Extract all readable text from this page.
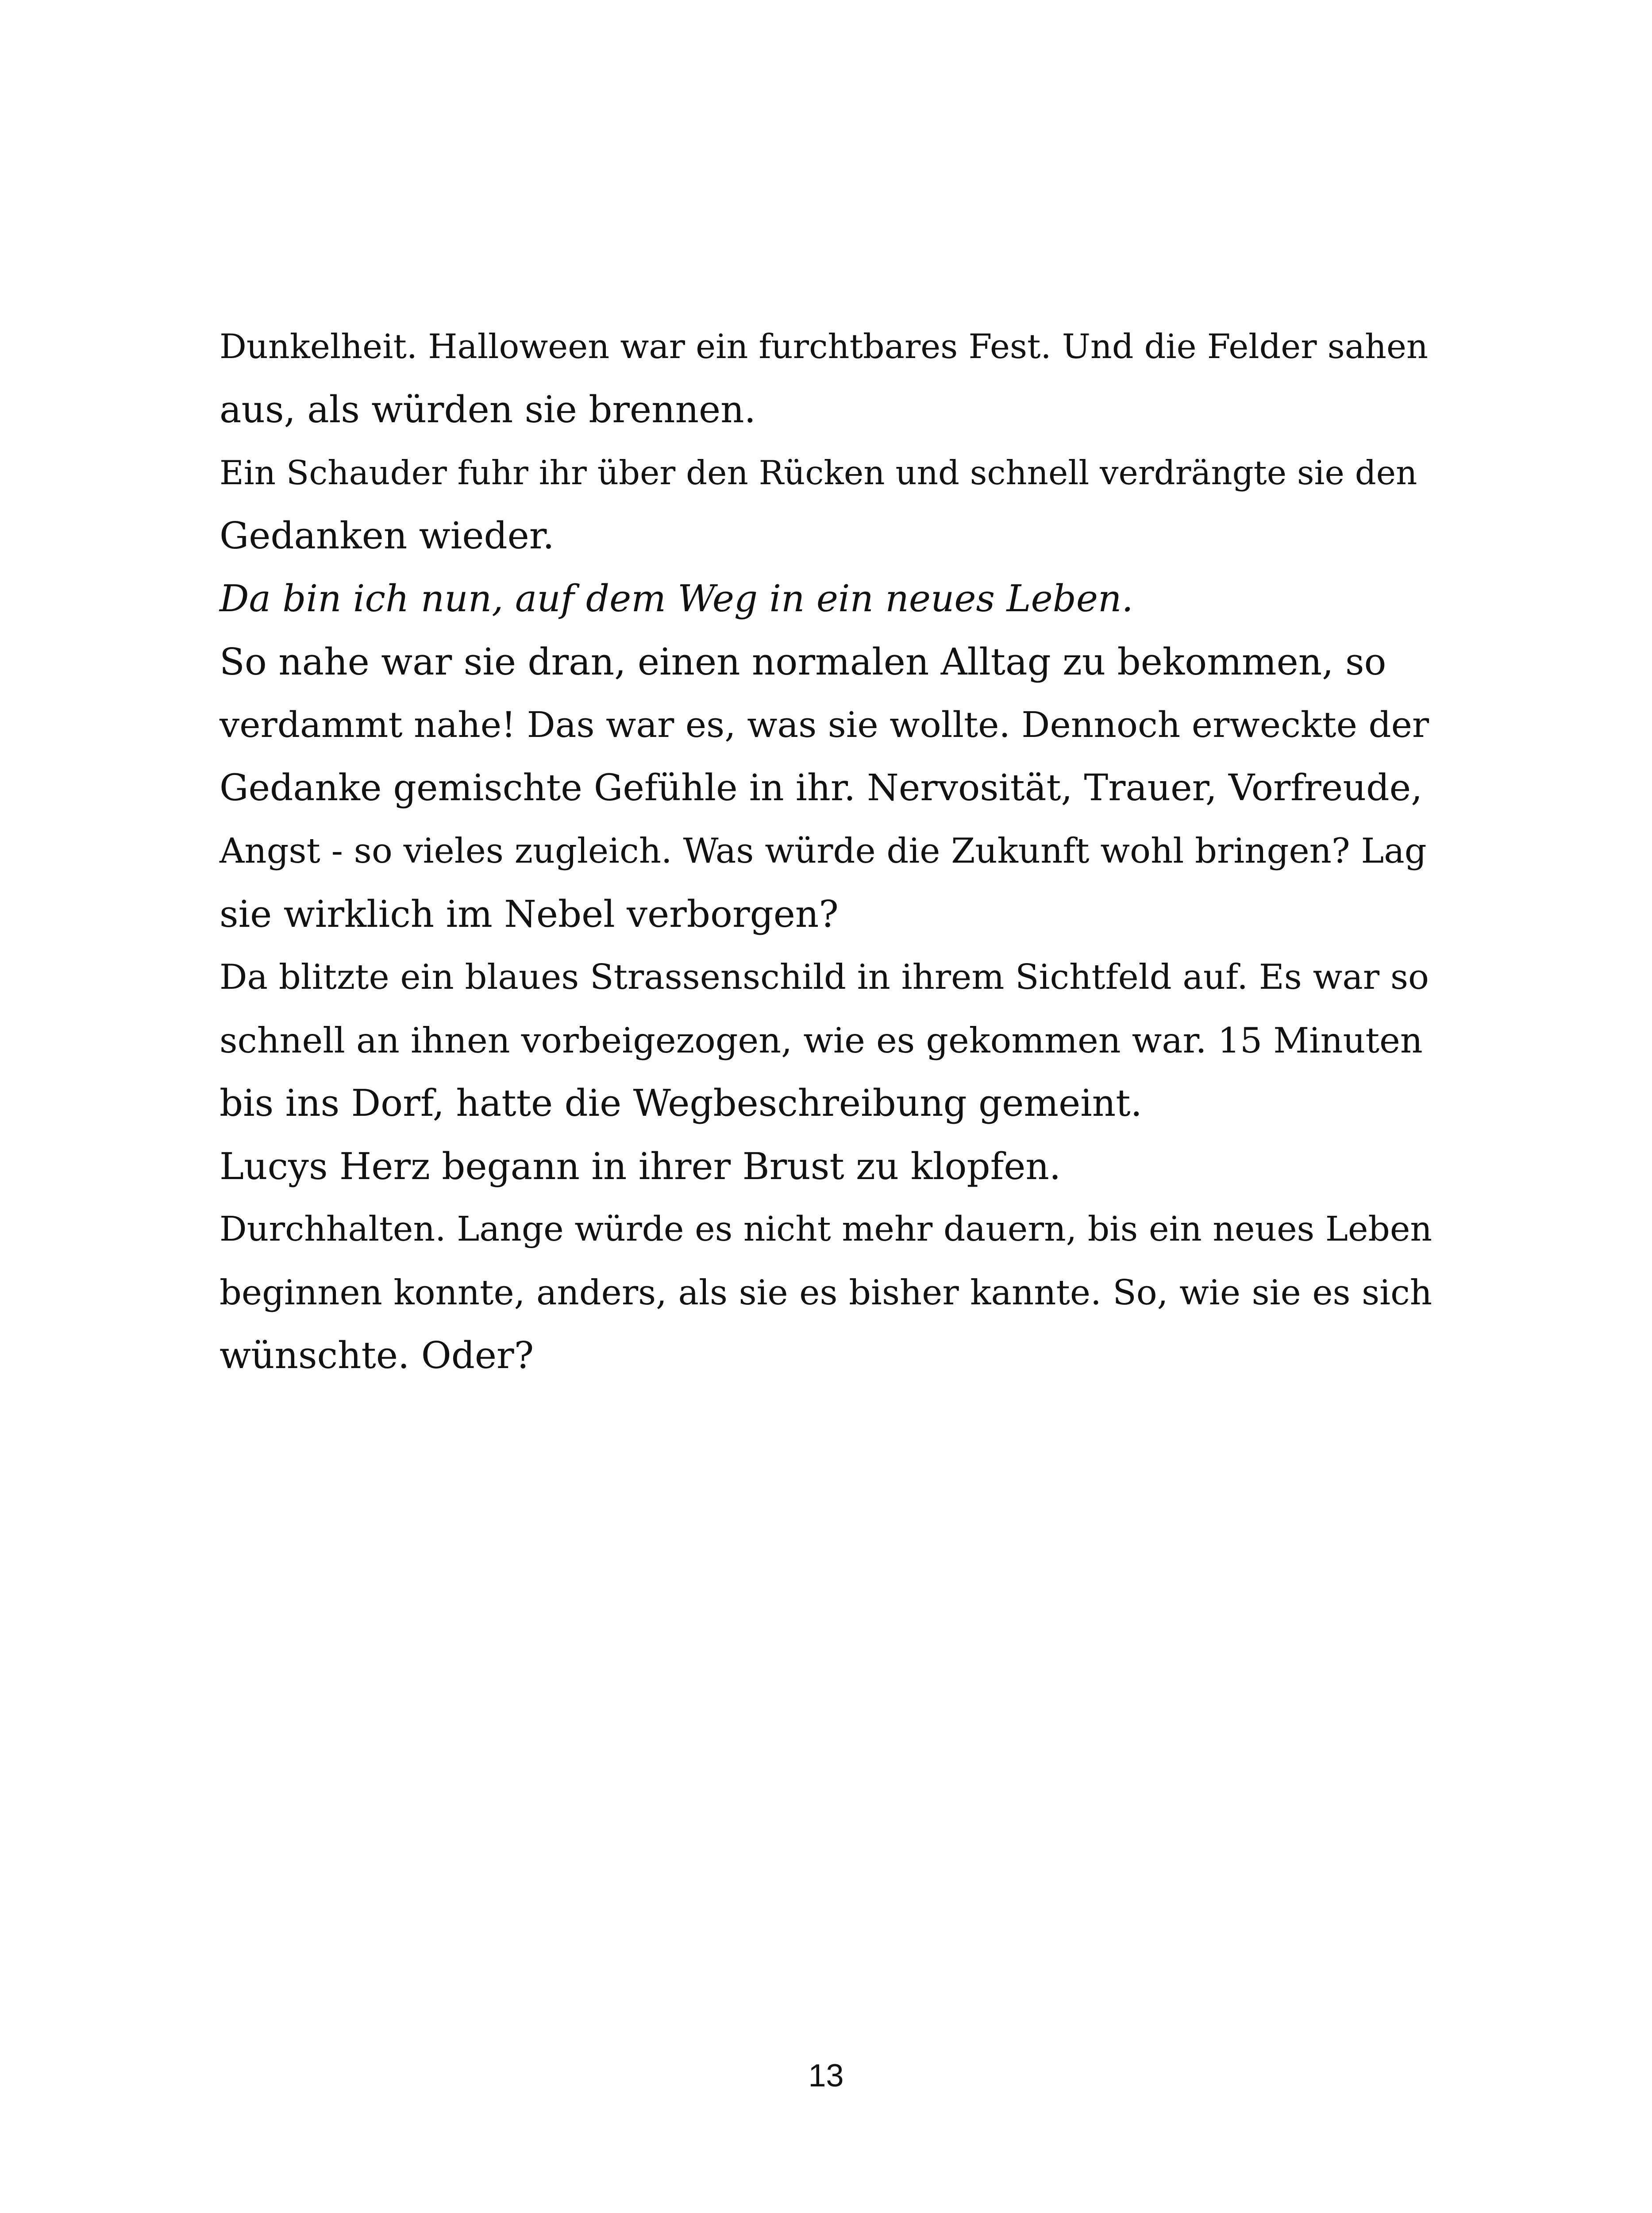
Dunkelheit. Halloween war ein furchtbares Fest. Und die Felder sahen
aus, als würden sie brennen.
Ein Schauder fuhr ihr über den Rücken und schnell verdrängte sie den
Gedanken wieder.
Da bin ich nun, auf dem Weg in ein neues Leben.
So nahe war sie dran, einen normalen Alltag zu bekommen, so
verdammt nahe! Das war es, was sie wollte. Dennoch erweckte der
Gedanke gemischte Gefühle in ihr. Nervosität, Trauer, Vorfreude,
Angst - so vieles zugleich. Was würde die Zukunft wohl bringen? Lag
sie wirklich im Nebel verborgen?
Da blitzte ein blaues Strassenschild in ihrem Sichtfeld auf. Es war so
schnell an ihnen vorbeigezogen, wie es gekommen war. 15 Minuten
bis ins Dorf, hatte die Wegbeschreibung gemeint.
Lucys Herz begann in ihrer Brust zu klopfen.
Durchhalten. Lange würde es nicht mehr dauern, bis ein neues Leben
beginnen konnte, anders, als sie es bisher kannte. So, wie sie es sich
wünschte. Oder?
13
